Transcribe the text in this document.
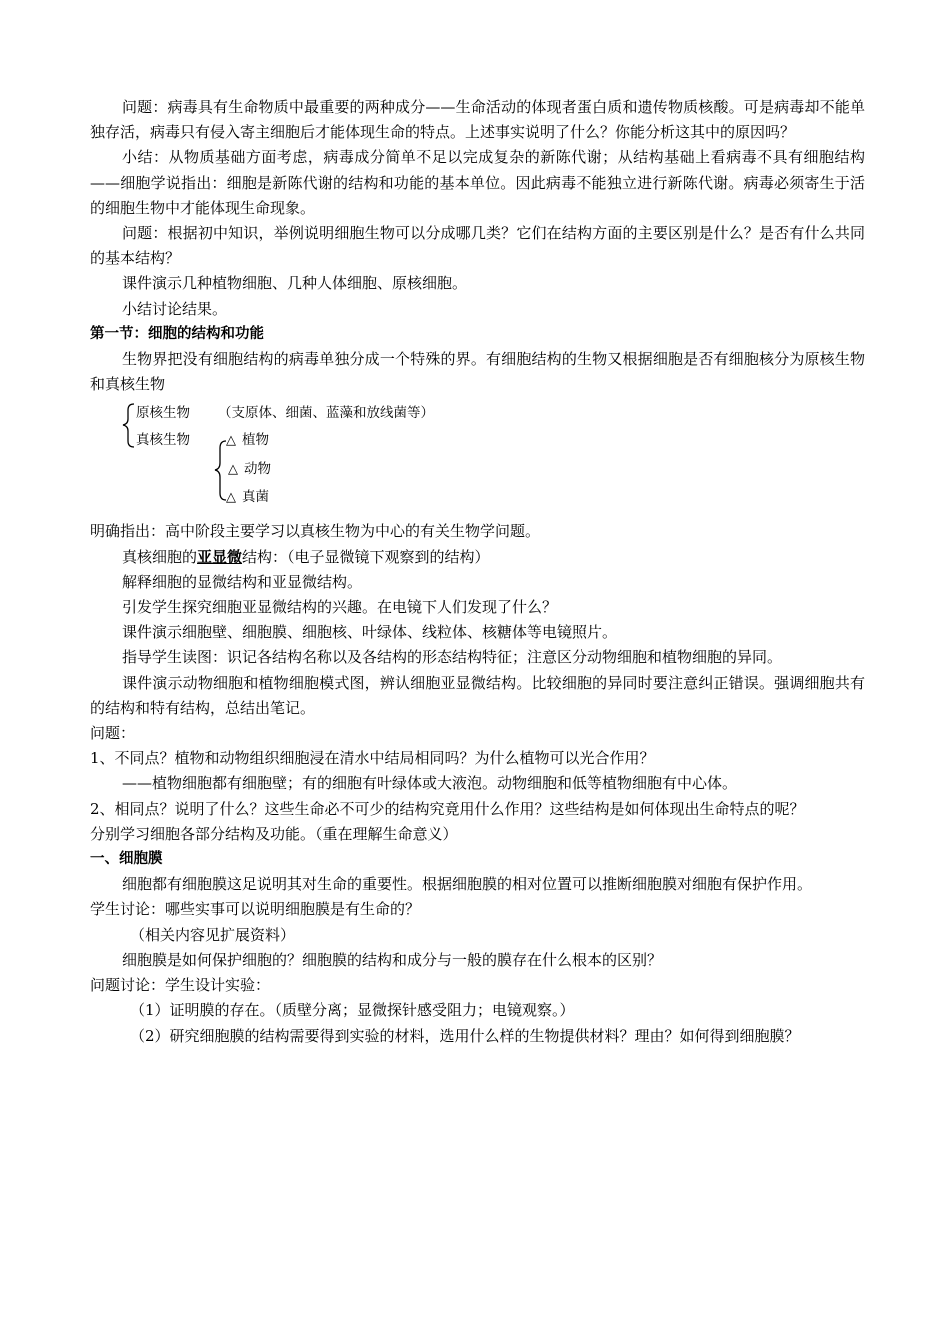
问题：病毒具有生命物质中最重要的两种成分——生命活动的体现者蛋白质和遗传物质核酸。可是病毒却不能单独存活，病毒只有侵入寄主细胞后才能体现生命的特点。上述事实说明了什么？你能分析这其中的原因吗？

小结：从物质基础方面考虑，病毒成分简单不足以完成复杂的新陈代谢；从结构基础上看病毒不具有细胞结构——细胞学说指出：细胞是新陈代谢的结构和功能的基本单位。因此病毒不能独立进行新陈代谢。病毒必须寄生于活的细胞生物中才能体现生命现象。

问题：根据初中知识，举例说明细胞生物可以分成哪几类？它们在结构方面的主要区别是什么？是否有什么共同的基本结构？

课件演示几种植物细胞、几种人体细胞、原核细胞。

小结讨论结果。

第一节：细胞的结构和功能

生物界把没有细胞结构的病毒单独分成一个特殊的界。有细胞结构的生物又根据细胞是否有细胞核分为原核生物和真核生物

原核生物 （支原体、细菌、蓝藻和放线菌等）
真核生物	△ 植物
△ 动物
△ 真菌

明确指出：高中阶段主要学习以真核生物为中心的有关生物学问题。

真核细胞的亚显微结构：（电子显微镜下观察到的结构）

解释细胞的显微结构和亚显微结构。

引发学生探究细胞亚显微结构的兴趣。在电镜下人们发现了什么？

课件演示细胞壁、细胞膜、细胞核、叶绿体、线粒体、核糖体等电镜照片。

指导学生读图：识记各结构名称以及各结构的形态结构特征；注意区分动物细胞和植物细胞的异同。

课件演示动物细胞和植物细胞模式图，辨认细胞亚显微结构。比较细胞的异同时要注意纠正错误。强调细胞共有的结构和特有结构，总结出笔记。

问题：

1、不同点？植物和动物组织细胞浸在清水中结局相同吗？为什么植物可以光合作用？

——植物细胞都有细胞壁；有的细胞有叶绿体或大液泡。动物细胞和低等植物细胞有中心体。

2、相同点？说明了什么？这些生命必不可少的结构究竟用什么作用？这些结构是如何体现出生命特点的呢？

分别学习细胞各部分结构及功能。（重在理解生命意义）

一、细胞膜

细胞都有细胞膜这足说明其对生命的重要性。根据细胞膜的相对位置可以推断细胞膜对细胞有保护作用。

学生讨论：哪些实事可以说明细胞膜是有生命的？

（相关内容见扩展资料）

细胞膜是如何保护细胞的？细胞膜的结构和成分与一般的膜存在什么根本的区别？

问题讨论：学生设计实验：

（1）证明膜的存在。（质壁分离；显微探针感受阻力；电镜观察。）

（2）研究细胞膜的结构需要得到实验的材料，选用什么样的生物提供材料？理由？如何得到细胞膜？
